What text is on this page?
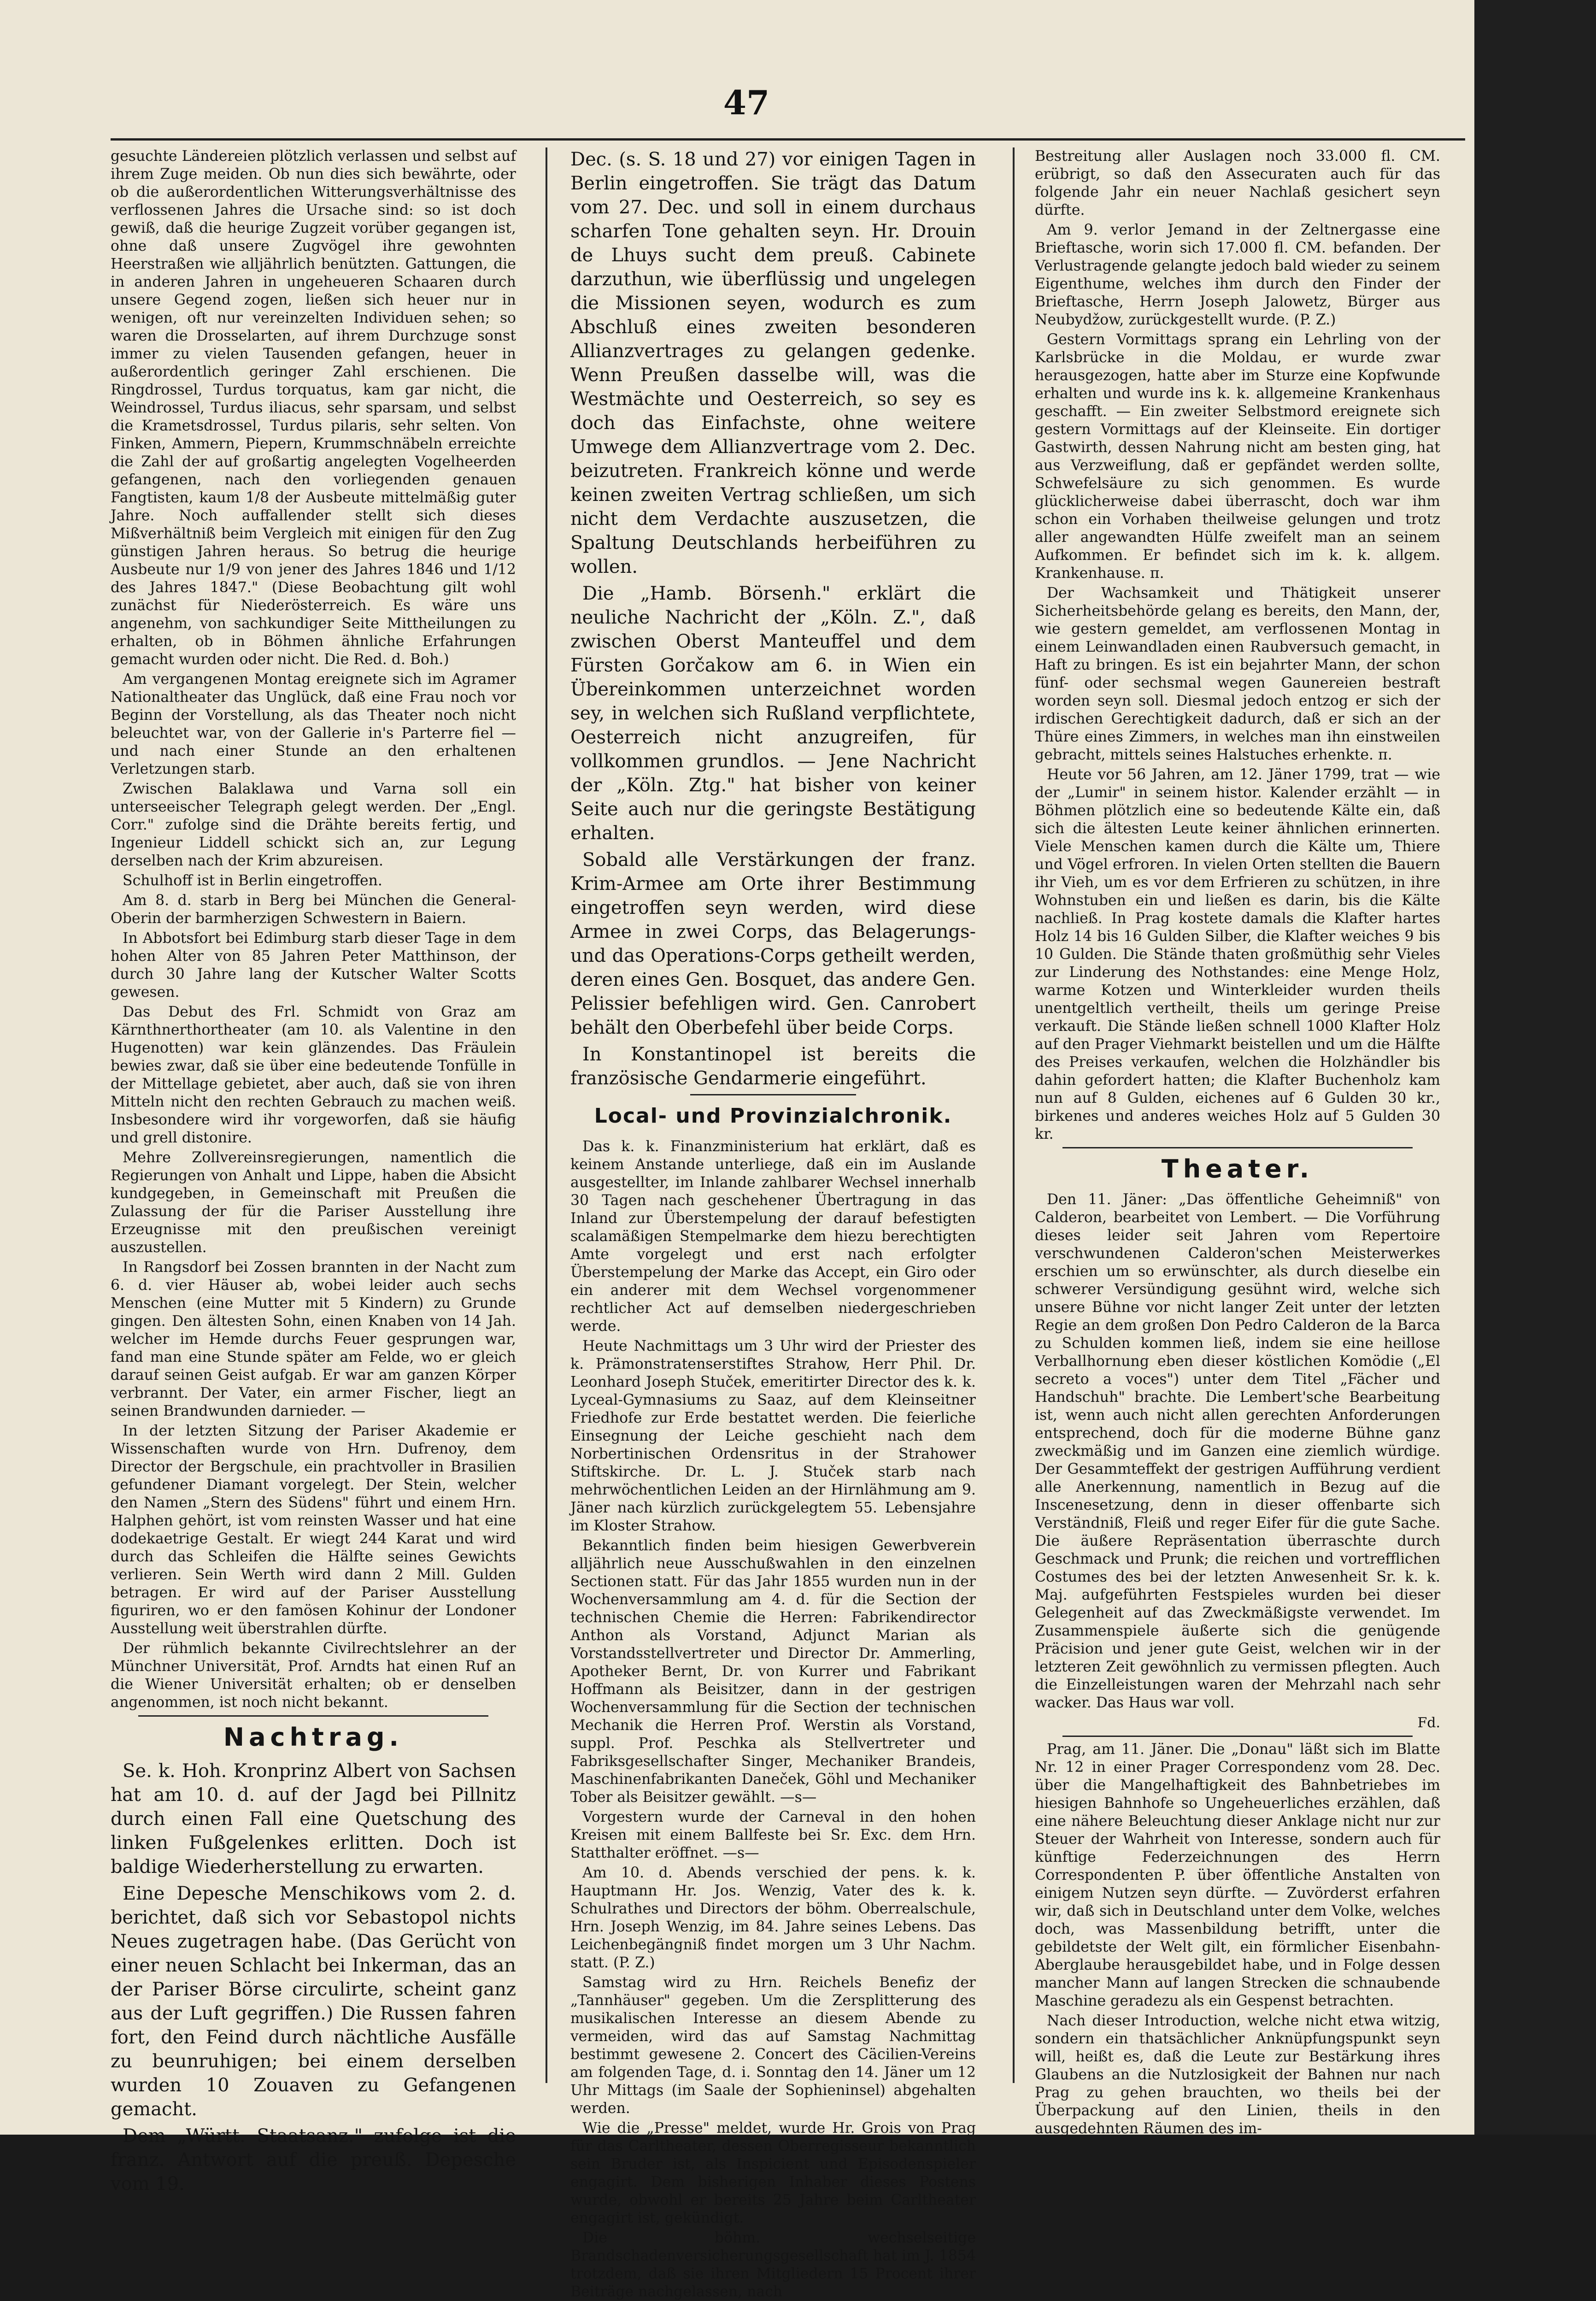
47

gesuchte Ländereien plötzlich verlassen und selbst auf ihrem Zuge meiden. Ob nun dies sich bewährte, oder ob die außerordentlichen Witterungsverhältnisse des verflossenen Jahres die Ursache sind: so ist doch gewiß, daß die heurige Zugzeit vorüber gegangen ist, ohne daß unsere Zugvögel ihre gewohnten Heerstraßen wie alljährlich benützten. Gattungen, die in anderen Jahren in ungeheueren Schaaren durch unsere Gegend zogen, ließen sich heuer nur in wenigen, oft nur vereinzelten Individuen sehen; so waren die Drosselarten, auf ihrem Durchzuge sonst immer zu vielen Tausenden gefangen, heuer in außerordentlich geringer Zahl erschienen. Die Ringdrossel, Turdus torquatus, kam gar nicht, die Weindrossel, Turdus iliacus, sehr sparsam, und selbst die Krametsdrossel, Turdus pilaris, sehr selten. Von Finken, Ammern, Piepern, Krummschnäbeln erreichte die Zahl der auf großartig angelegten Vogelheerden gefangenen, nach den vorliegenden genauen Fangtisten, kaum 1/8 der Ausbeute mittelmäßig guter Jahre. Noch auffallender stellt sich dieses Mißverhältniß beim Vergleich mit einigen für den Zug günstigen Jahren heraus. So betrug die heurige Ausbeute nur 1/9 von jener des Jahres 1846 und 1/12 des Jahres 1847." (Diese Beobachtung gilt wohl zunächst für Niederösterreich. Es wäre uns angenehm, von sachkundiger Seite Mittheilungen zu erhalten, ob in Böhmen ähnliche Erfahrungen gemacht wurden oder nicht. Die Red. d. Boh.)

Am vergangenen Montag ereignete sich im Agramer Nationaltheater das Unglück, daß eine Frau noch vor Beginn der Vorstellung, als das Theater noch nicht beleuchtet war, von der Gallerie in's Parterre fiel — und nach einer Stunde an den erhaltenen Verletzungen starb.

Zwischen Balaklawa und Varna soll ein unterseeischer Telegraph gelegt werden. Der „Engl. Corr." zufolge sind die Drähte bereits fertig, und Ingenieur Liddell schickt sich an, zur Legung derselben nach der Krim abzureisen.

Schulhoff ist in Berlin eingetroffen.

Am 8. d. starb in Berg bei München die General-Oberin der barmherzigen Schwestern in Baiern.

In Abbotsfort bei Edimburg starb dieser Tage in dem hohen Alter von 85 Jahren Peter Matthinson, der durch 30 Jahre lang der Kutscher Walter Scotts gewesen.

Das Debut des Frl. Schmidt von Graz am Kärnthnerthortheater (am 10. als Valentine in den Hugenotten) war kein glänzendes. Das Fräulein bewies zwar, daß sie über eine bedeutende Tonfülle in der Mittellage gebietet, aber auch, daß sie von ihren Mitteln nicht den rechten Gebrauch zu machen weiß. Insbesondere wird ihr vorgeworfen, daß sie häufig und grell distonire.

Mehre Zollvereinsregierungen, namentlich die Regierungen von Anhalt und Lippe, haben die Absicht kundgegeben, in Gemeinschaft mit Preußen die Zulassung der für die Pariser Ausstellung ihre Erzeugnisse mit den preußischen vereinigt auszustellen.

In Rangsdorf bei Zossen brannten in der Nacht zum 6. d. vier Häuser ab, wobei leider auch sechs Menschen (eine Mutter mit 5 Kindern) zu Grunde gingen. Den ältesten Sohn, einen Knaben von 14 Jah. welcher im Hemde durchs Feuer gesprungen war, fand man eine Stunde später am Felde, wo er gleich darauf seinen Geist aufgab. Er war am ganzen Körper verbrannt. Der Vater, ein armer Fischer, liegt an seinen Brandwunden darnieder. —

In der letzten Sitzung der Pariser Akademie er Wissenschaften wurde von Hrn. Dufrenoy, dem Director der Bergschule, ein prachtvoller in Brasilien gefundener Diamant vorgelegt. Der Stein, welcher den Namen „Stern des Südens" führt und einem Hrn. Halphen gehört, ist vom reinsten Wasser und hat eine dodekaetrige Gestalt. Er wiegt 244 Karat und wird durch das Schleifen die Hälfte seines Gewichts verlieren. Sein Werth wird dann 2 Mill. Gulden betragen. Er wird auf der Pariser Ausstellung figuriren, wo er den famösen Kohinur der Londoner Ausstellung weit überstrahlen dürfte.

Der rühmlich bekannte Civilrechtslehrer an der Münchner Universität, Prof. Arndts hat einen Ruf an die Wiener Universität erhalten; ob er denselben angenommen, ist noch nicht bekannt.

Nachtrag.

Se. k. Hoh. Kronprinz Albert von Sachsen hat am 10. d. auf der Jagd bei Pillnitz durch einen Fall eine Quetschung des linken Fußgelenkes erlitten. Doch ist baldige Wiederherstellung zu erwarten.

Eine Depesche Menschikows vom 2. d. berichtet, daß sich vor Sebastopol nichts Neues zugetragen habe. (Das Gerücht von einer neuen Schlacht bei Inkerman, das an der Pariser Börse circulirte, scheint ganz aus der Luft gegriffen.) Die Russen fahren fort, den Feind durch nächtliche Ausfälle zu beunruhigen; bei einem derselben wurden 10 Zouaven zu Gefangenen gemacht.

Dem „Württ. Staatsanz." zufolge ist die franz. Antwort auf die preuß. Depesche vom 19.

Dec. (s. S. 18 und 27) vor einigen Tagen in Berlin eingetroffen. Sie trägt das Datum vom 27. Dec. und soll in einem durchaus scharfen Tone gehalten seyn. Hr. Drouin de Lhuys sucht dem preuß. Cabinete darzuthun, wie überflüssig und ungelegen die Missionen seyen, wodurch es zum Abschluß eines zweiten besonderen Allianzvertrages zu gelangen gedenke. Wenn Preußen dasselbe will, was die Westmächte und Oesterreich, so sey es doch das Einfachste, ohne weitere Umwege dem Allianzvertrage vom 2. Dec. beizutreten. Frankreich könne und werde keinen zweiten Vertrag schließen, um sich nicht dem Verdachte auszusetzen, die Spaltung Deutschlands herbeiführen zu wollen.

Die „Hamb. Börsenh." erklärt die neuliche Nachricht der „Köln. Z.", daß zwischen Oberst Manteuffel und dem Fürsten Gorčakow am 6. in Wien ein Übereinkommen unterzeichnet worden sey, in welchen sich Rußland verpflichtete, Oesterreich nicht anzugreifen, für vollkommen grundlos. — Jene Nachricht der „Köln. Ztg." hat bisher von keiner Seite auch nur die geringste Bestätigung erhalten.

Sobald alle Verstärkungen der franz. Krim-Armee am Orte ihrer Bestimmung eingetroffen seyn werden, wird diese Armee in zwei Corps, das Belagerungs- und das Operations-Corps getheilt werden, deren eines Gen. Bosquet, das andere Gen. Pelissier befehligen wird. Gen. Canrobert behält den Oberbefehl über beide Corps.

In Konstantinopel ist bereits die französische Gendarmerie eingeführt.

Local- und Provinzialchronik.

Das k. k. Finanzministerium hat erklärt, daß es keinem Anstande unterliege, daß ein im Auslande ausgestellter, im Inlande zahlbarer Wechsel innerhalb 30 Tagen nach geschehener Übertragung in das Inland zur Überstempelung der darauf befestigten scalamäßigen Stempelmarke dem hiezu berechtigten Amte vorgelegt und erst nach erfolgter Überstempelung der Marke das Accept, ein Giro oder ein anderer mit dem Wechsel vorgenommener rechtlicher Act auf demselben niedergeschrieben werde.

Heute Nachmittags um 3 Uhr wird der Priester des k. Prämonstratenserstiftes Strahow, Herr Phil. Dr. Leonhard Joseph Stuček, emeritirter Director des k. k. Lyceal-Gymnasiums zu Saaz, auf dem Kleinseitner Friedhofe zur Erde bestattet werden. Die feierliche Einsegnung der Leiche geschieht nach dem Norbertinischen Ordensritus in der Strahower Stiftskirche. Dr. L. J. Stuček starb nach mehrwöchentlichen Leiden an der Hirnlähmung am 9. Jäner nach kürzlich zurückgelegtem 55. Lebensjahre im Kloster Strahow.

Bekanntlich finden beim hiesigen Gewerbverein alljährlich neue Ausschußwahlen in den einzelnen Sectionen statt. Für das Jahr 1855 wurden nun in der Wochenversammlung am 4. d. für die Section der technischen Chemie die Herren: Fabrikendirector Anthon als Vorstand, Adjunct Marian als Vorstandsstellvertreter und Director Dr. Ammerling, Apotheker Bernt, Dr. von Kurrer und Fabrikant Hoffmann als Beisitzer, dann in der gestrigen Wochenversammlung für die Section der technischen Mechanik die Herren Prof. Werstin als Vorstand, suppl. Prof. Peschka als Stellvertreter und Fabriksgesellschafter Singer, Mechaniker Brandeis, Maschinenfabrikanten Daneček, Göhl und Mechaniker Tober als Beisitzer gewählt. —s—

Vorgestern wurde der Carneval in den hohen Kreisen mit einem Ballfeste bei Sr. Exc. dem Hrn. Statthalter eröffnet. —s—

Am 10. d. Abends verschied der pens. k. k. Hauptmann Hr. Jos. Wenzig, Vater des k. k. Schulrathes und Directors der böhm. Oberrealschule, Hrn. Joseph Wenzig, im 84. Jahre seines Lebens. Das Leichenbegängniß findet morgen um 3 Uhr Nachm. statt. (P. Z.)

Samstag wird zu Hrn. Reichels Benefiz der „Tannhäuser" gegeben. Um die Zersplitterung des musikalischen Interesse an diesem Abende zu vermeiden, wird das auf Samstag Nachmittag bestimmt gewesene 2. Concert des Cäcilien-Vereins am folgenden Tage, d. i. Sonntag den 14. Jäner um 12 Uhr Mittags (im Saale der Sophieninsel) abgehalten werden.

Wie die „Presse" meldet, wurde Hr. Grois von Prag für das Carltheater, dessen Oberregisseur bekanntlich sein Bruder ist, als Inspicient und Episodenspieler engagirt. Dem bisherigen Inhaber dieses Postens wurde, obwohl er bereits 25 Jahre beim Carltheater engagirt ist, gekündigt.

Die böhm. wechselseitige Brandschadenversicherungsgesellschaft hat im J. 1854 trotzdem, daß sie ihren Mitgliedern 15 Procent ihrer Beiträge nachgelassen, nach

Bestreitung aller Auslagen noch 33.000 fl. CM. erübrigt, so daß den Assecuraten auch für das folgende Jahr ein neuer Nachlaß gesichert seyn dürfte.

Am 9. verlor Jemand in der Zeltnergasse eine Brieftasche, worin sich 17.000 fl. CM. befanden. Der Verlustragende gelangte jedoch bald wieder zu seinem Eigenthume, welches ihm durch den Finder der Brieftasche, Herrn Joseph Jalowetz, Bürger aus Neubydžow, zurückgestellt wurde. (P. Z.)

Gestern Vormittags sprang ein Lehrling von der Karlsbrücke in die Moldau, er wurde zwar herausgezogen, hatte aber im Sturze eine Kopfwunde erhalten und wurde ins k. k. allgemeine Krankenhaus geschafft. — Ein zweiter Selbstmord ereignete sich gestern Vormittags auf der Kleinseite. Ein dortiger Gastwirth, dessen Nahrung nicht am besten ging, hat aus Verzweiflung, daß er gepfändet werden sollte, Schwefelsäure zu sich genommen. Es wurde glücklicherweise dabei überrascht, doch war ihm schon ein Vorhaben theilweise gelungen und trotz aller angewandten Hülfe zweifelt man an seinem Aufkommen. Er befindet sich im k. k. allgem. Krankenhause. π.

Der Wachsamkeit und Thätigkeit unserer Sicherheitsbehörde gelang es bereits, den Mann, der, wie gestern gemeldet, am verflossenen Montag in einem Leinwandladen einen Raubversuch gemacht, in Haft zu bringen. Es ist ein bejahrter Mann, der schon fünf- oder sechsmal wegen Gaunereien bestraft worden seyn soll. Diesmal jedoch entzog er sich der irdischen Gerechtigkeit dadurch, daß er sich an der Thüre eines Zimmers, in welches man ihn einstweilen gebracht, mittels seines Halstuches erhenkte. π.

Heute vor 56 Jahren, am 12. Jäner 1799, trat — wie der „Lumir" in seinem histor. Kalender erzählt — in Böhmen plötzlich eine so bedeutende Kälte ein, daß sich die ältesten Leute keiner ähnlichen erinnerten. Viele Menschen kamen durch die Kälte um, Thiere und Vögel erfroren. In vielen Orten stellten die Bauern ihr Vieh, um es vor dem Erfrieren zu schützen, in ihre Wohnstuben ein und ließen es darin, bis die Kälte nachließ. In Prag kostete damals die Klafter hartes Holz 14 bis 16 Gulden Silber, die Klafter weiches 9 bis 10 Gulden. Die Stände thaten großmüthig sehr Vieles zur Linderung des Nothstandes: eine Menge Holz, warme Kotzen und Winterkleider wurden theils unentgeltlich vertheilt, theils um geringe Preise verkauft. Die Stände ließen schnell 1000 Klafter Holz auf den Prager Viehmarkt beistellen und um die Hälfte des Preises verkaufen, welchen die Holzhändler bis dahin gefordert hatten; die Klafter Buchenholz kam nun auf 8 Gulden, eichenes auf 6 Gulden 30 kr., birkenes und anderes weiches Holz auf 5 Gulden 30 kr.

Theater.

Den 11. Jäner: „Das öffentliche Geheimniß" von Calderon, bearbeitet von Lembert. — Die Vorführung dieses leider seit Jahren vom Repertoire verschwundenen Calderon'schen Meisterwerkes erschien um so erwünschter, als durch dieselbe ein schwerer Versündigung gesühnt wird, welche sich unsere Bühne vor nicht langer Zeit unter der letzten Regie an dem großen Don Pedro Calderon de la Barca zu Schulden kommen ließ, indem sie eine heillose Verballhornung eben dieser köstlichen Komödie („El secreto a voces") unter dem Titel „Fächer und Handschuh" brachte. Die Lembert'sche Bearbeitung ist, wenn auch nicht allen gerechten Anforderungen entsprechend, doch für die moderne Bühne ganz zweckmäßig und im Ganzen eine ziemlich würdige. Der Gesammteffekt der gestrigen Aufführung verdient alle Anerkennung, namentlich in Bezug auf die Inscenesetzung, denn in dieser offenbarte sich Verständniß, Fleiß und reger Eifer für die gute Sache. Die äußere Repräsentation überraschte durch Geschmack und Prunk; die reichen und vortrefflichen Costumes des bei der letzten Anwesenheit Sr. k. k. Maj. aufgeführten Festspieles wurden bei dieser Gelegenheit auf das Zweckmäßigste verwendet. Im Zusammenspiele äußerte sich die genügende Präcision und jener gute Geist, welchen wir in der letzteren Zeit gewöhnlich zu vermissen pflegten. Auch die Einzelleistungen waren der Mehrzahl nach sehr wacker. Das Haus war voll.

Fd.

Prag, am 11. Jäner. Die „Donau" läßt sich im Blatte Nr. 12 in einer Prager Correspondenz vom 28. Dec. über die Mangelhaftigkeit des Bahnbetriebes im hiesigen Bahnhofe so Ungeheuerliches erzählen, daß eine nähere Beleuchtung dieser Anklage nicht nur zur Steuer der Wahrheit von Interesse, sondern auch für künftige Federzeichnungen des Herrn Correspondenten P. über öffentliche Anstalten von einigem Nutzen seyn dürfte. — Zuvörderst erfahren wir, daß sich in Deutschland unter dem Volke, welches doch, was Massenbildung betrifft, unter die gebildetste der Welt gilt, ein förmlicher Eisenbahn-Aberglaube herausgebildet habe, und in Folge dessen mancher Mann auf langen Strecken die schnaubende Maschine geradezu als ein Gespenst betrachten.

Nach dieser Introduction, welche nicht etwa witzig, sondern ein thatsächlicher Anknüpfungspunkt seyn will, heißt es, daß die Leute zur Bestärkung ihres Glaubens an die Nutzlosigkeit der Bahnen nur nach Prag zu gehen brauchten, wo theils bei der Überpackung auf den Linien, theils in den ausgedehnten Räumen des im-
